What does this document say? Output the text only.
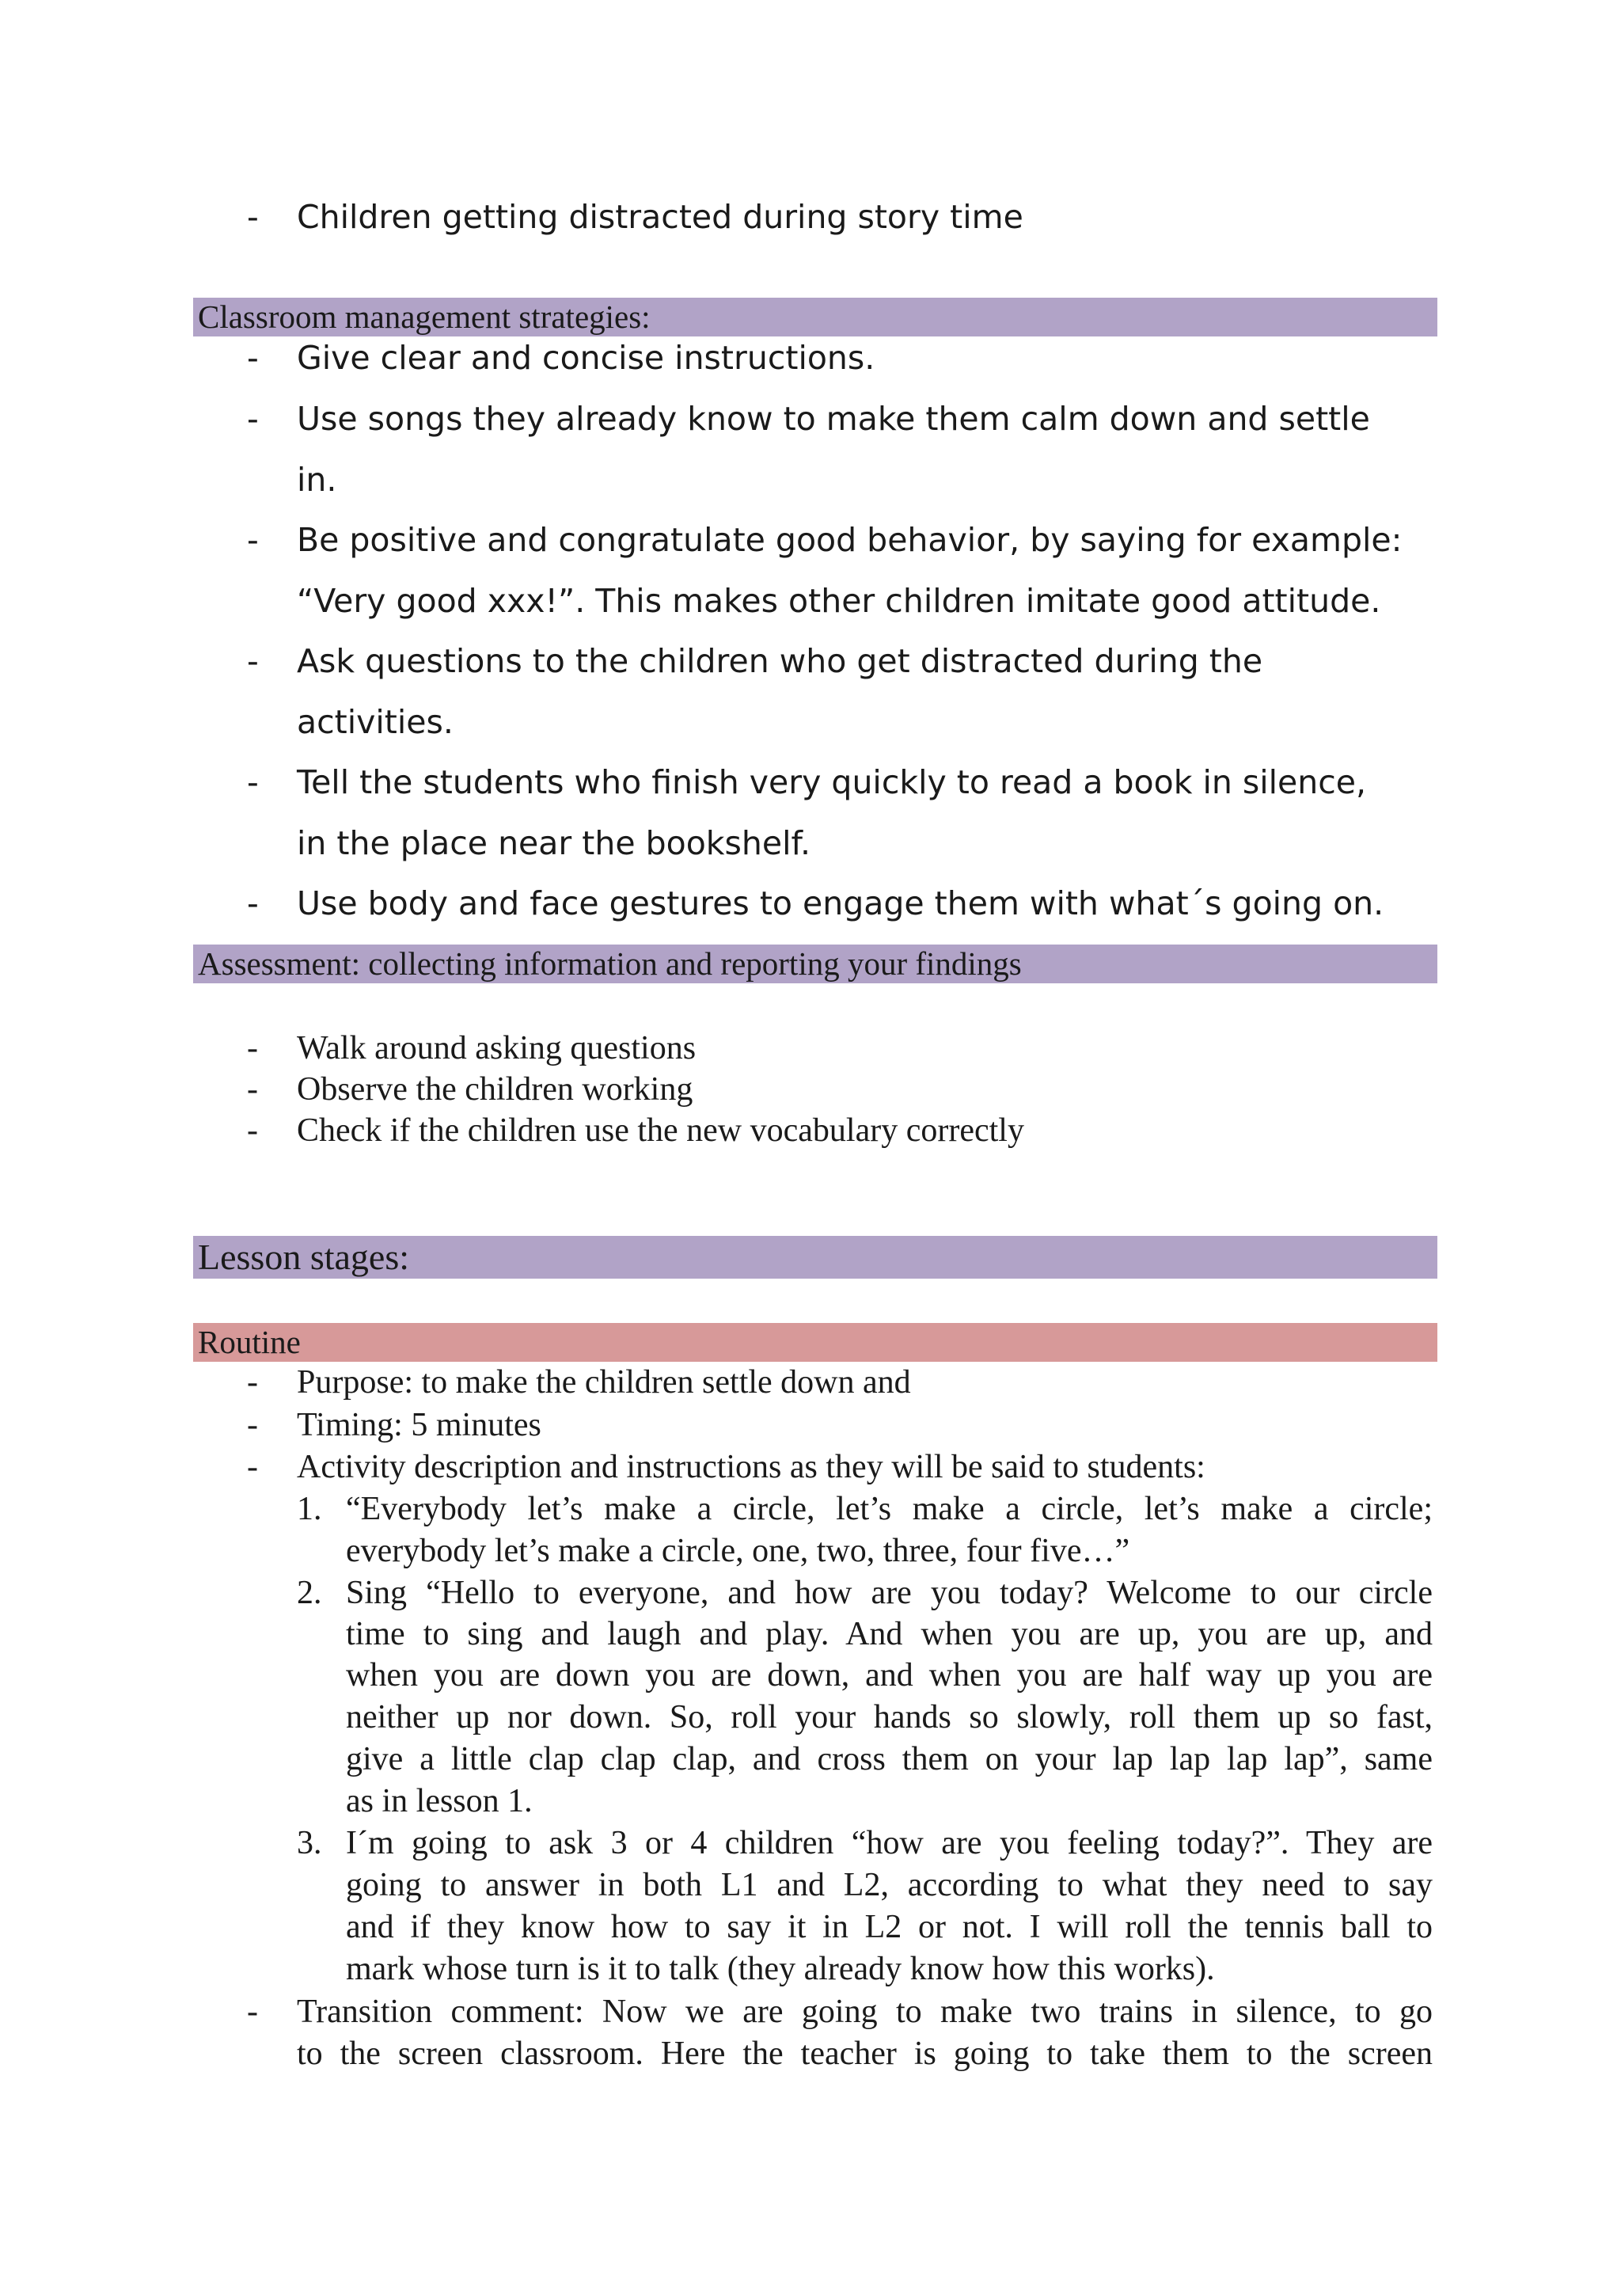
- Children getting distracted during story time
Classroom management strategies:
- Give clear and concise instructions.
- Use songs they already know to make them calm down and settle
in.
- Be positive and congratulate good behavior, by saying for example:
“Very good xxx!”. This makes other children imitate good attitude.
- Ask questions to the children who get distracted during the
activities.
- Tell the students who finish very quickly to read a book in silence,
in the place near the bookshelf.
- Use body and face gestures to engage them with what´s going on.
Assessment: collecting information and reporting your findings
- Walk around asking questions
- Observe the children working
- Check if the children use the new vocabulary correctly
Lesson stages:
Routine
- Purpose: to make the children settle down and
- Timing: 5 minutes
- Activity description and instructions as they will be said to students:
1. “Everybody let’s make a circle, let’s make a circle, let’s make a circle;
everybody let’s make a circle, one, two, three, four five…”
2. Sing “Hello to everyone, and how are you today? Welcome to our circle
time to sing and laugh and play. And when you are up, you are up, and
when you are down you are down, and when you are half way up you are
neither up nor down. So, roll your hands so slowly, roll them up so fast,
give a little clap clap clap, and cross them on your lap lap lap lap”, same
as in lesson 1.
3. I´m going to ask 3 or 4 children “how are you feeling today?”. They are
going to answer in both L1 and L2, according to what they need to say
and if they know how to say it in L2 or not. I will roll the tennis ball to
mark whose turn is it to talk (they already know how this works).
- Transition comment: Now we are going to make two trains in silence, to go
to the screen classroom. Here the teacher is going to take them to the screen
